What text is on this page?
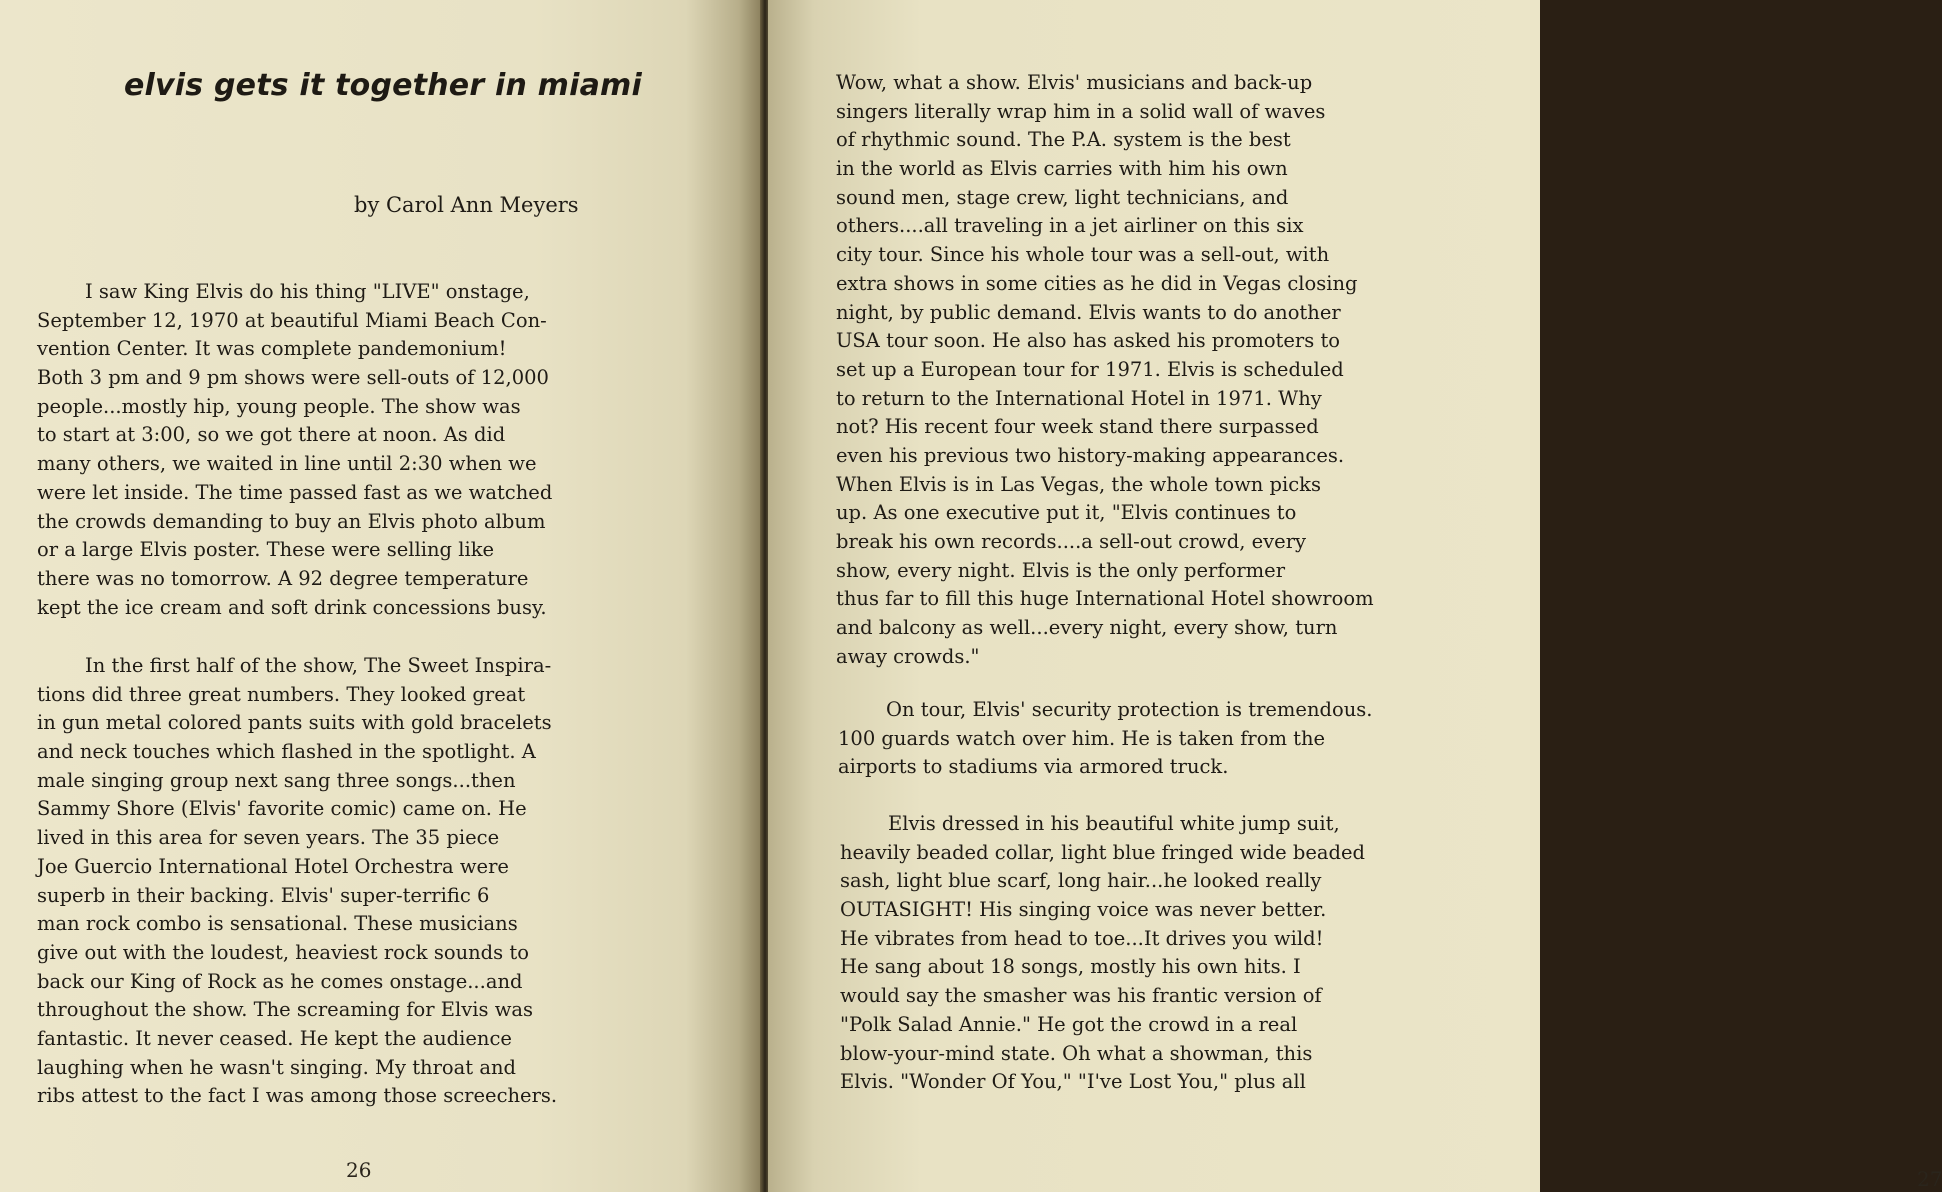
elvis gets it together in miami

by Carol Ann Meyers

I saw King Elvis do his thing "LIVE" onstage,
September 12, 1970 at beautiful Miami Beach Con-
vention Center. It was complete pandemonium!
Both 3 pm and 9 pm shows were sell-outs of 12,000
people...mostly hip, young people. The show was
to start at 3:00, so we got there at noon. As did
many others, we waited in line until 2:30 when we
were let inside. The time passed fast as we watched
the crowds demanding to buy an Elvis photo album
or a large Elvis poster. These were selling like
there was no tomorrow. A 92 degree temperature
kept the ice cream and soft drink concessions busy.
In the first half of the show, The Sweet Inspira-
tions did three great numbers. They looked great
in gun metal colored pants suits with gold bracelets
and neck touches which flashed in the spotlight. A
male singing group next sang three songs...then
Sammy Shore (Elvis' favorite comic) came on. He
lived in this area for seven years. The 35 piece
Joe Guercio International Hotel Orchestra were
superb in their backing. Elvis' super-terrific 6
man rock combo is sensational. These musicians
give out with the loudest, heaviest rock sounds to
back our King of Rock as he comes onstage...and
throughout the show. The screaming for Elvis was
fantastic. It never ceased. He kept the audience
laughing when he wasn't singing. My throat and
ribs attest to the fact I was among those screechers.

26	27

Wow, what a show. Elvis' musicians and back-up
singers literally wrap him in a solid wall of waves
of rhythmic sound. The P.A. system is the best
in the world as Elvis carries with him his own
sound men, stage crew, light technicians, and
others....all traveling in a jet airliner on this six
city tour. Since his whole tour was a sell-out, with
extra shows in some cities as he did in Vegas closing
night, by public demand. Elvis wants to do another
USA tour soon. He also has asked his promoters to
set up a European tour for 1971. Elvis is scheduled
to return to the International Hotel in 1971. Why
not? His recent four week stand there surpassed
even his previous two history-making appearances.
When Elvis is in Las Vegas, the whole town picks
up. As one executive put it, "Elvis continues to
break his own records....a sell-out crowd, every
show, every night. Elvis is the only performer
thus far to fill this huge International Hotel showroom
and balcony as well...every night, every show, turn
away crowds."
On tour, Elvis' security protection is tremendous.
100 guards watch over him. He is taken from the
airports to stadiums via armored truck.
Elvis dressed in his beautiful white jump suit,
heavily beaded collar, light blue fringed wide beaded
sash, light blue scarf, long hair...he looked really
OUTASIGHT! His singing voice was never better.
He vibrates from head to toe...It drives you wild!
He sang about 18 songs, mostly his own hits. I
would say the smasher was his frantic version of
"Polk Salad Annie." He got the crowd in a real
blow-your-mind state. Oh what a showman, this
Elvis. "Wonder Of You," "I've Lost You," plus all
